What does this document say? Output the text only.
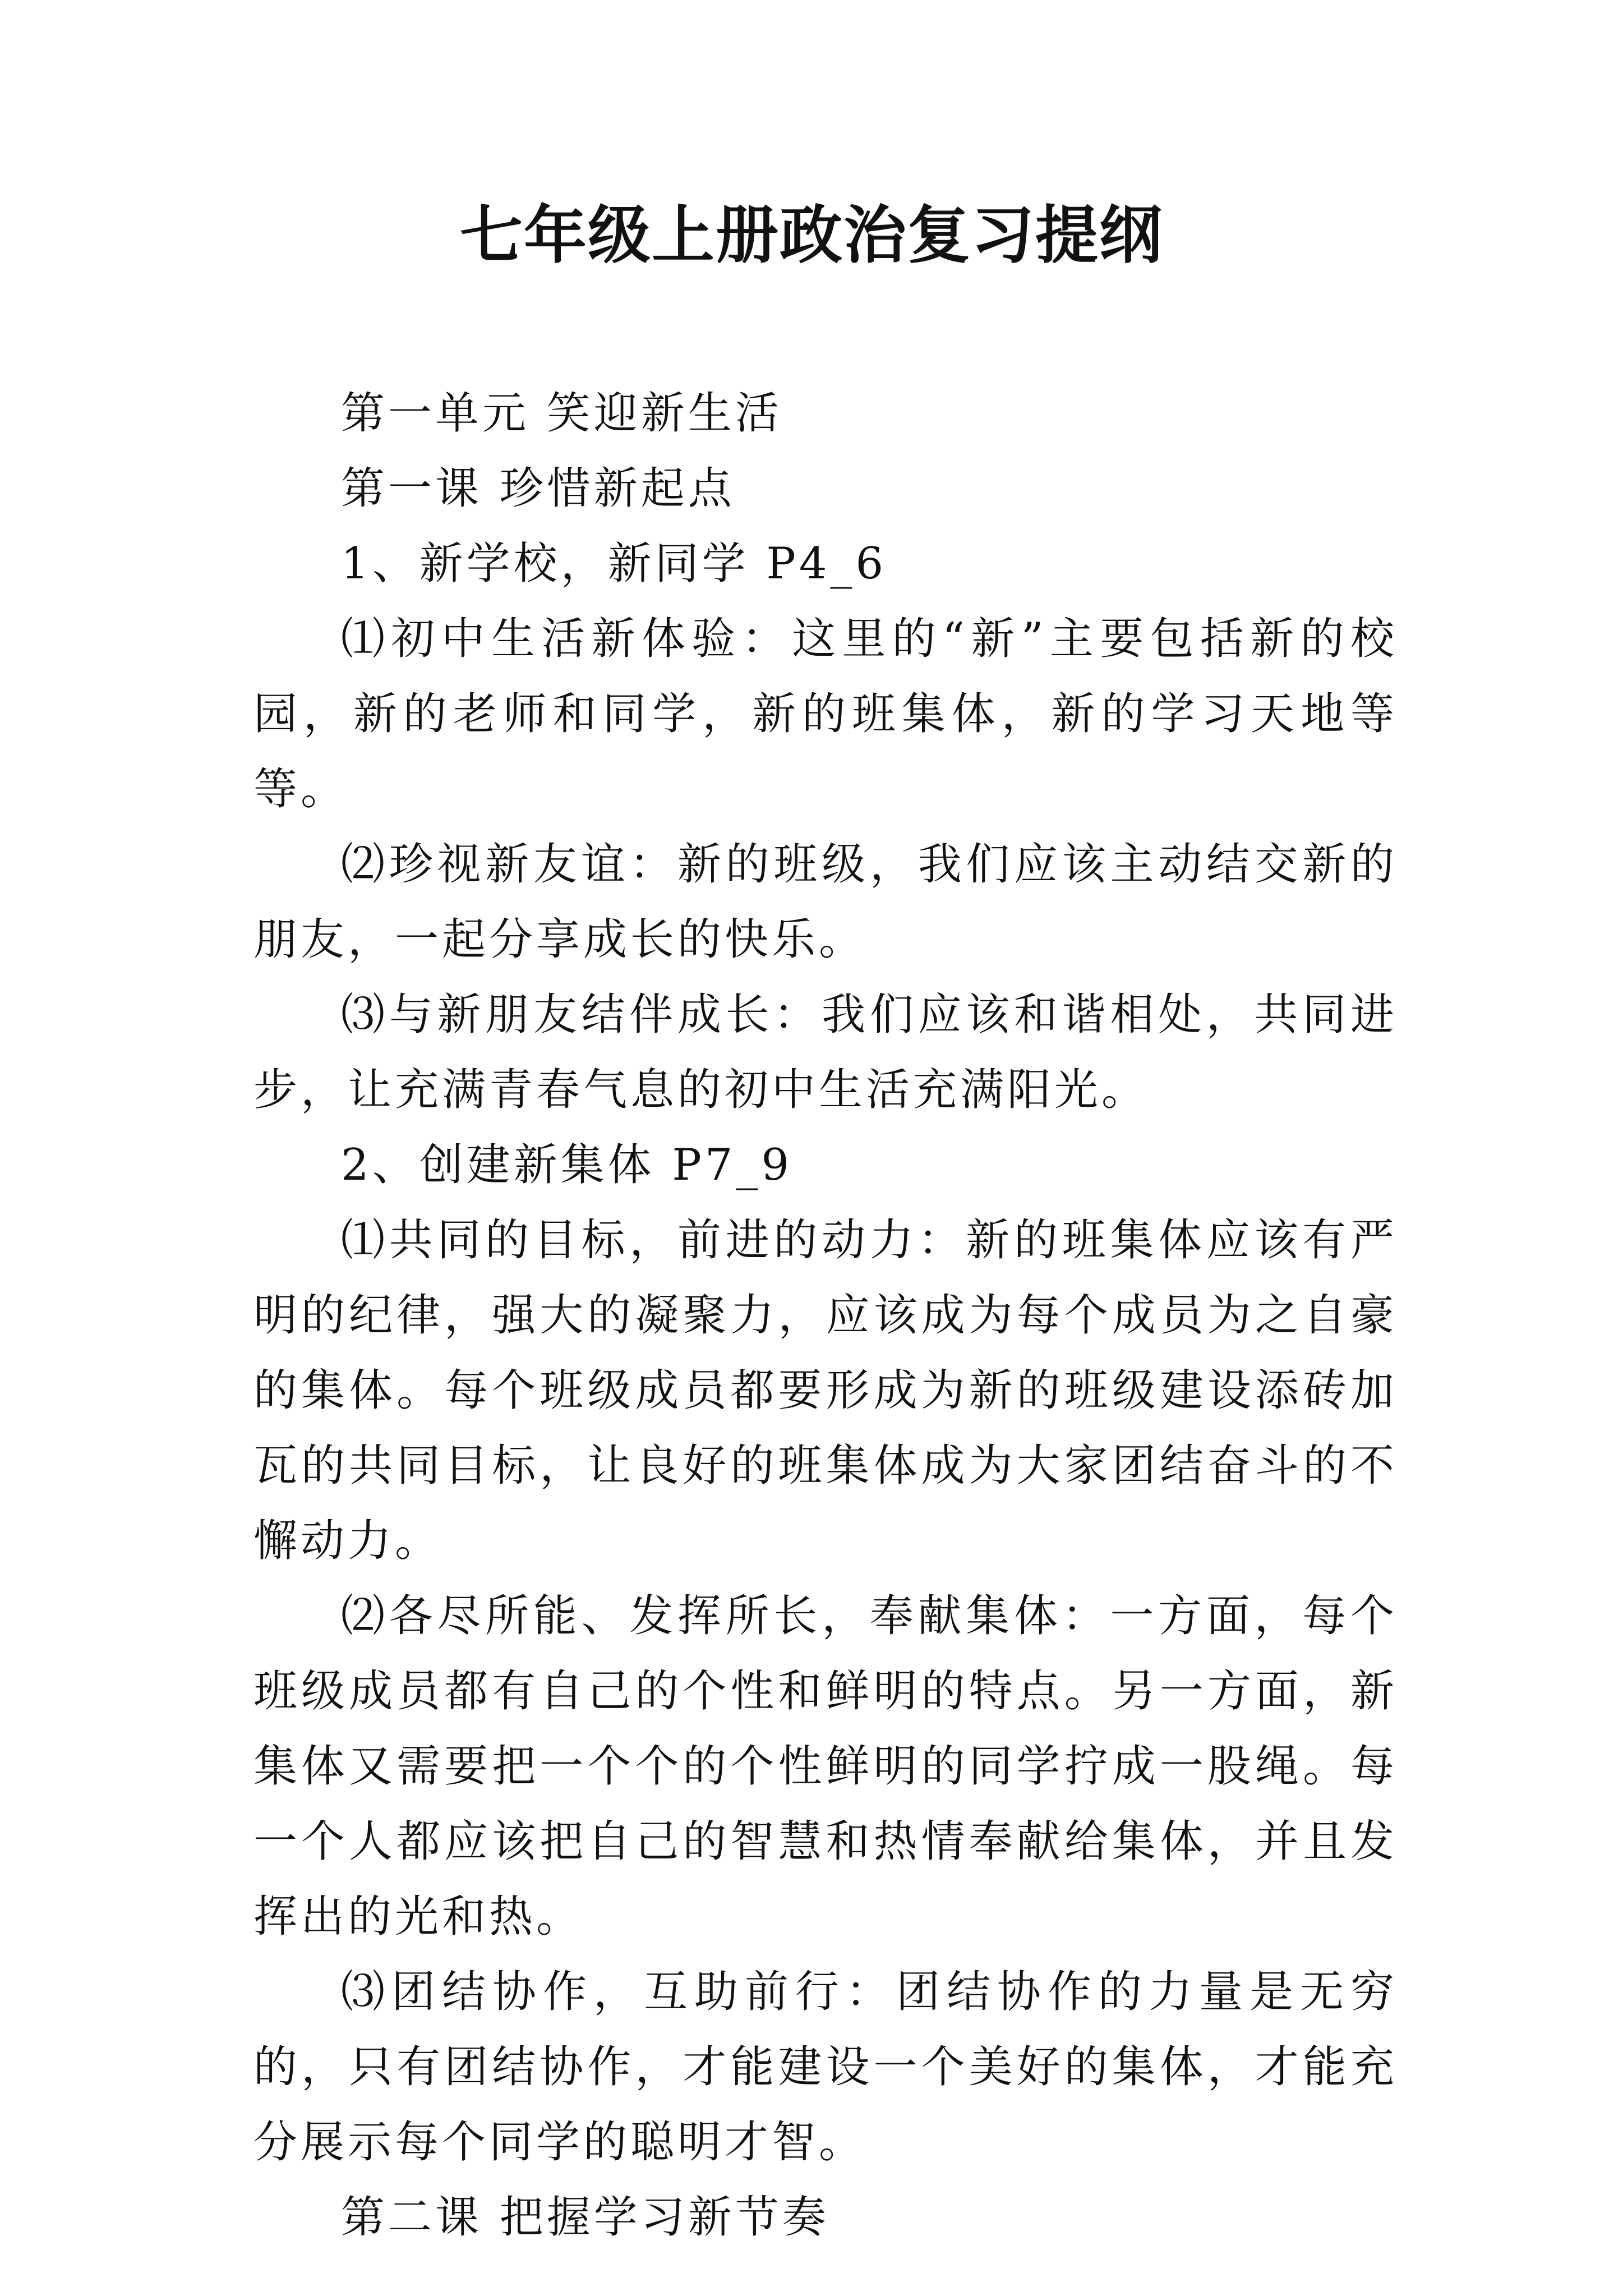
七年级上册政治复习提纲

第一单元 笑迎新生活

第一课 珍惜新起点

1、新学校，新同学 P4_6

⑴初中生活新体验：这里的“新”主要包括新的校园，新的老师和同学，新的班集体，新的学习天地等等。

⑵珍视新友谊：新的班级，我们应该主动结交新的朋友，一起分享成长的快乐。

⑶与新朋友结伴成长：我们应该和谐相处，共同进步，让充满青春气息的初中生活充满阳光。

2、创建新集体 P7_9

⑴共同的目标，前进的动力：新的班集体应该有严明的纪律，强大的凝聚力，应该成为每个成员为之自豪的集体。每个班级成员都要形成为新的班级建设添砖加瓦的共同目标，让良好的班集体成为大家团结奋斗的不懈动力。

⑵各尽所能、发挥所长，奉献集体：一方面，每个班级成员都有自己的个性和鲜明的特点。另一方面，新集体又需要把一个个的个性鲜明的同学拧成一股绳。每一个人都应该把自己的智慧和热情奉献给集体，并且发挥出的光和热。

⑶团结协作，互助前行：团结协作的力量是无穷的，只有团结协作，才能建设一个美好的集体，才能充分展示每个同学的聪明才智。

第二课 把握学习新节奏
